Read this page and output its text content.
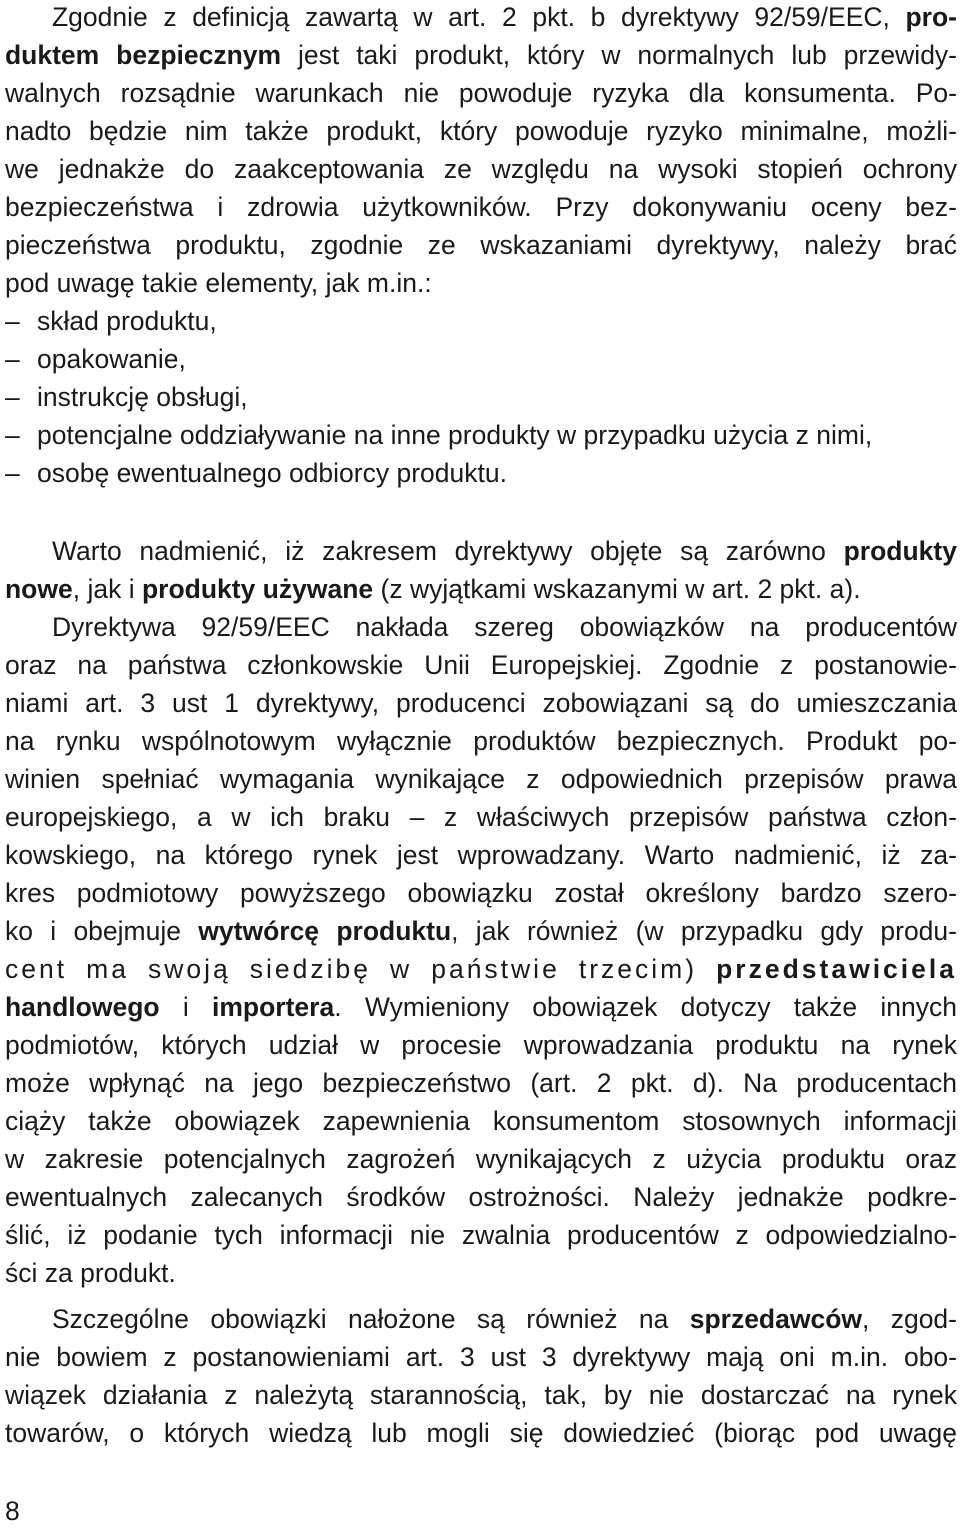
Zgodnie z definicją zawartą w art. 2 pkt. b dyrektywy 92/59/EEC, pro-
duktem bezpiecznym jest taki produkt, który w normalnych lub przewidy-
walnych rozsądnie warunkach nie powoduje ryzyka dla konsumenta. Po-
nadto będzie nim także produkt, który powoduje ryzyko minimalne, możli-
we jednakże do zaakceptowania ze względu na wysoki stopień ochrony
bezpieczeństwa i zdrowia użytkowników. Przy dokonywaniu oceny bez-
pieczeństwa produktu, zgodnie ze wskazaniami dyrektywy, należy brać
pod uwagę takie elementy, jak m.in.:
– skład produktu,
– opakowanie,
– instrukcję obsługi,
– potencjalne oddziaływanie na inne produkty w przypadku użycia z nimi,
– osobę ewentualnego odbiorcy produktu.
Warto nadmienić, iż zakresem dyrektywy objęte są zarówno produkty
nowe, jak i produkty używane (z wyjątkami wskazanymi w art. 2 pkt. a).
Dyrektywa 92/59/EEC nakłada szereg obowiązków na producentów
oraz na państwa członkowskie Unii Europejskiej. Zgodnie z postanowie-
niami art. 3 ust 1 dyrektywy, producenci zobowiązani są do umieszczania
na rynku wspólnotowym wyłącznie produktów bezpiecznych. Produkt po-
winien spełniać wymagania wynikające z odpowiednich przepisów prawa
europejskiego, a w ich braku – z właściwych przepisów państwa człon-
kowskiego, na którego rynek jest wprowadzany. Warto nadmienić, iż za-
kres podmiotowy powyższego obowiązku został określony bardzo szero-
ko i obejmuje wytwórcę produktu, jak również (w przypadku gdy produ-
cent ma swoją siedzibę w państwie trzecim) przedstawiciela
handlowego i importera. Wymieniony obowiązek dotyczy także innych
podmiotów, których udział w procesie wprowadzania produktu na rynek
może wpłynąć na jego bezpieczeństwo (art. 2 pkt. d). Na producentach
ciąży także obowiązek zapewnienia konsumentom stosownych informacji
w zakresie potencjalnych zagrożeń wynikających z użycia produktu oraz
ewentualnych zalecanych środków ostrożności. Należy jednakże podkre-
ślić, iż podanie tych informacji nie zwalnia producentów z odpowiedzialno-
ści za produkt.
Szczególne obowiązki nałożone są również na sprzedawców, zgod-
nie bowiem z postanowieniami art. 3 ust 3 dyrektywy mają oni m.in. obo-
wiązek działania z należytą starannością, tak, by nie dostarczać na rynek
towarów, o których wiedzą lub mogli się dowiedzieć (biorąc pod uwagę
8
